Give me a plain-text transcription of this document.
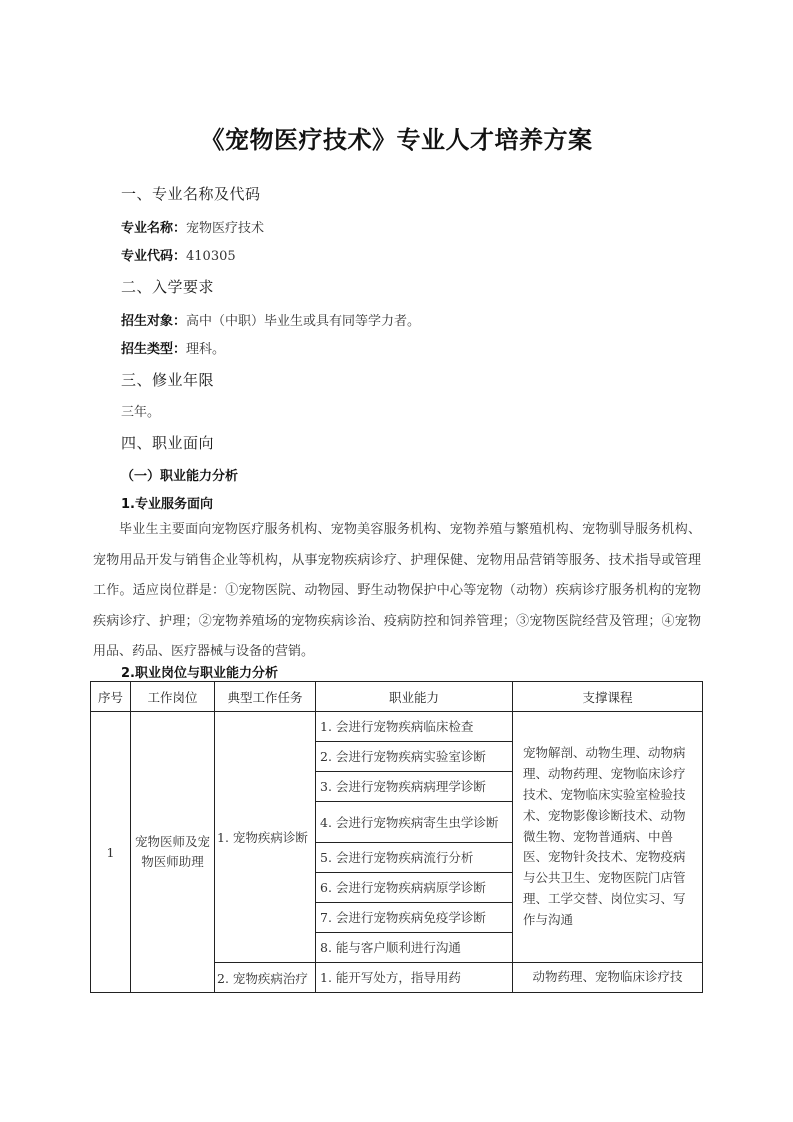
《宠物医疗技术》专业人才培养方案
一、专业名称及代码
专业名称：宠物医疗技术
专业代码：410305
二、入学要求
招生对象：高中（中职）毕业生或具有同等学力者。
招生类型：理科。
三、修业年限
三年。
四、职业面向
（一）职业能力分析
1.专业服务面向
毕业生主要面向宠物医疗服务机构、宠物美容服务机构、宠物养殖与繁殖机构、宠物驯导服务机构、宠物用品开发与销售企业等机构，从事宠物疾病诊疗、护理保健、宠物用品营销等服务、技术指导或管理工作。适应岗位群是：①宠物医院、动物园、野生动物保护中心等宠物（动物）疾病诊疗服务机构的宠物疾病诊疗、护理；②宠物养殖场的宠物疾病诊治、疫病防控和饲养管理；③宠物医院经营及管理；④宠物用品、药品、医疗器械与设备的营销。
2.职业岗位与职业能力分析
序号	工作岗位	典型工作任务	职业能力	支撑课程
1	宠物医师及宠物医师助理	1. 宠物疾病诊断	1. 会进行宠物疾病临床检查	宠物解剖、动物生理、动物病理、动物药理、宠物临床诊疗技术、宠物临床实验室检验技术、宠物影像诊断技术、动物微生物、宠物普通病、中兽医、宠物针灸技术、宠物疫病与公共卫生、宠物医院门店管理、工学交替、岗位实习、写作与沟通
			2. 会进行宠物疾病实验室诊断	
			3. 会进行宠物疾病病理学诊断	
			4. 会进行宠物疾病寄生虫学诊断	
			5. 会进行宠物疾病流行分析	
			6. 会进行宠物疾病病原学诊断	
			7. 会进行宠物疾病免疫学诊断	
			8. 能与客户顺利进行沟通	
		2. 宠物疾病治疗	1. 能开写处方，指导用药	动物药理、宠物临床诊疗技
